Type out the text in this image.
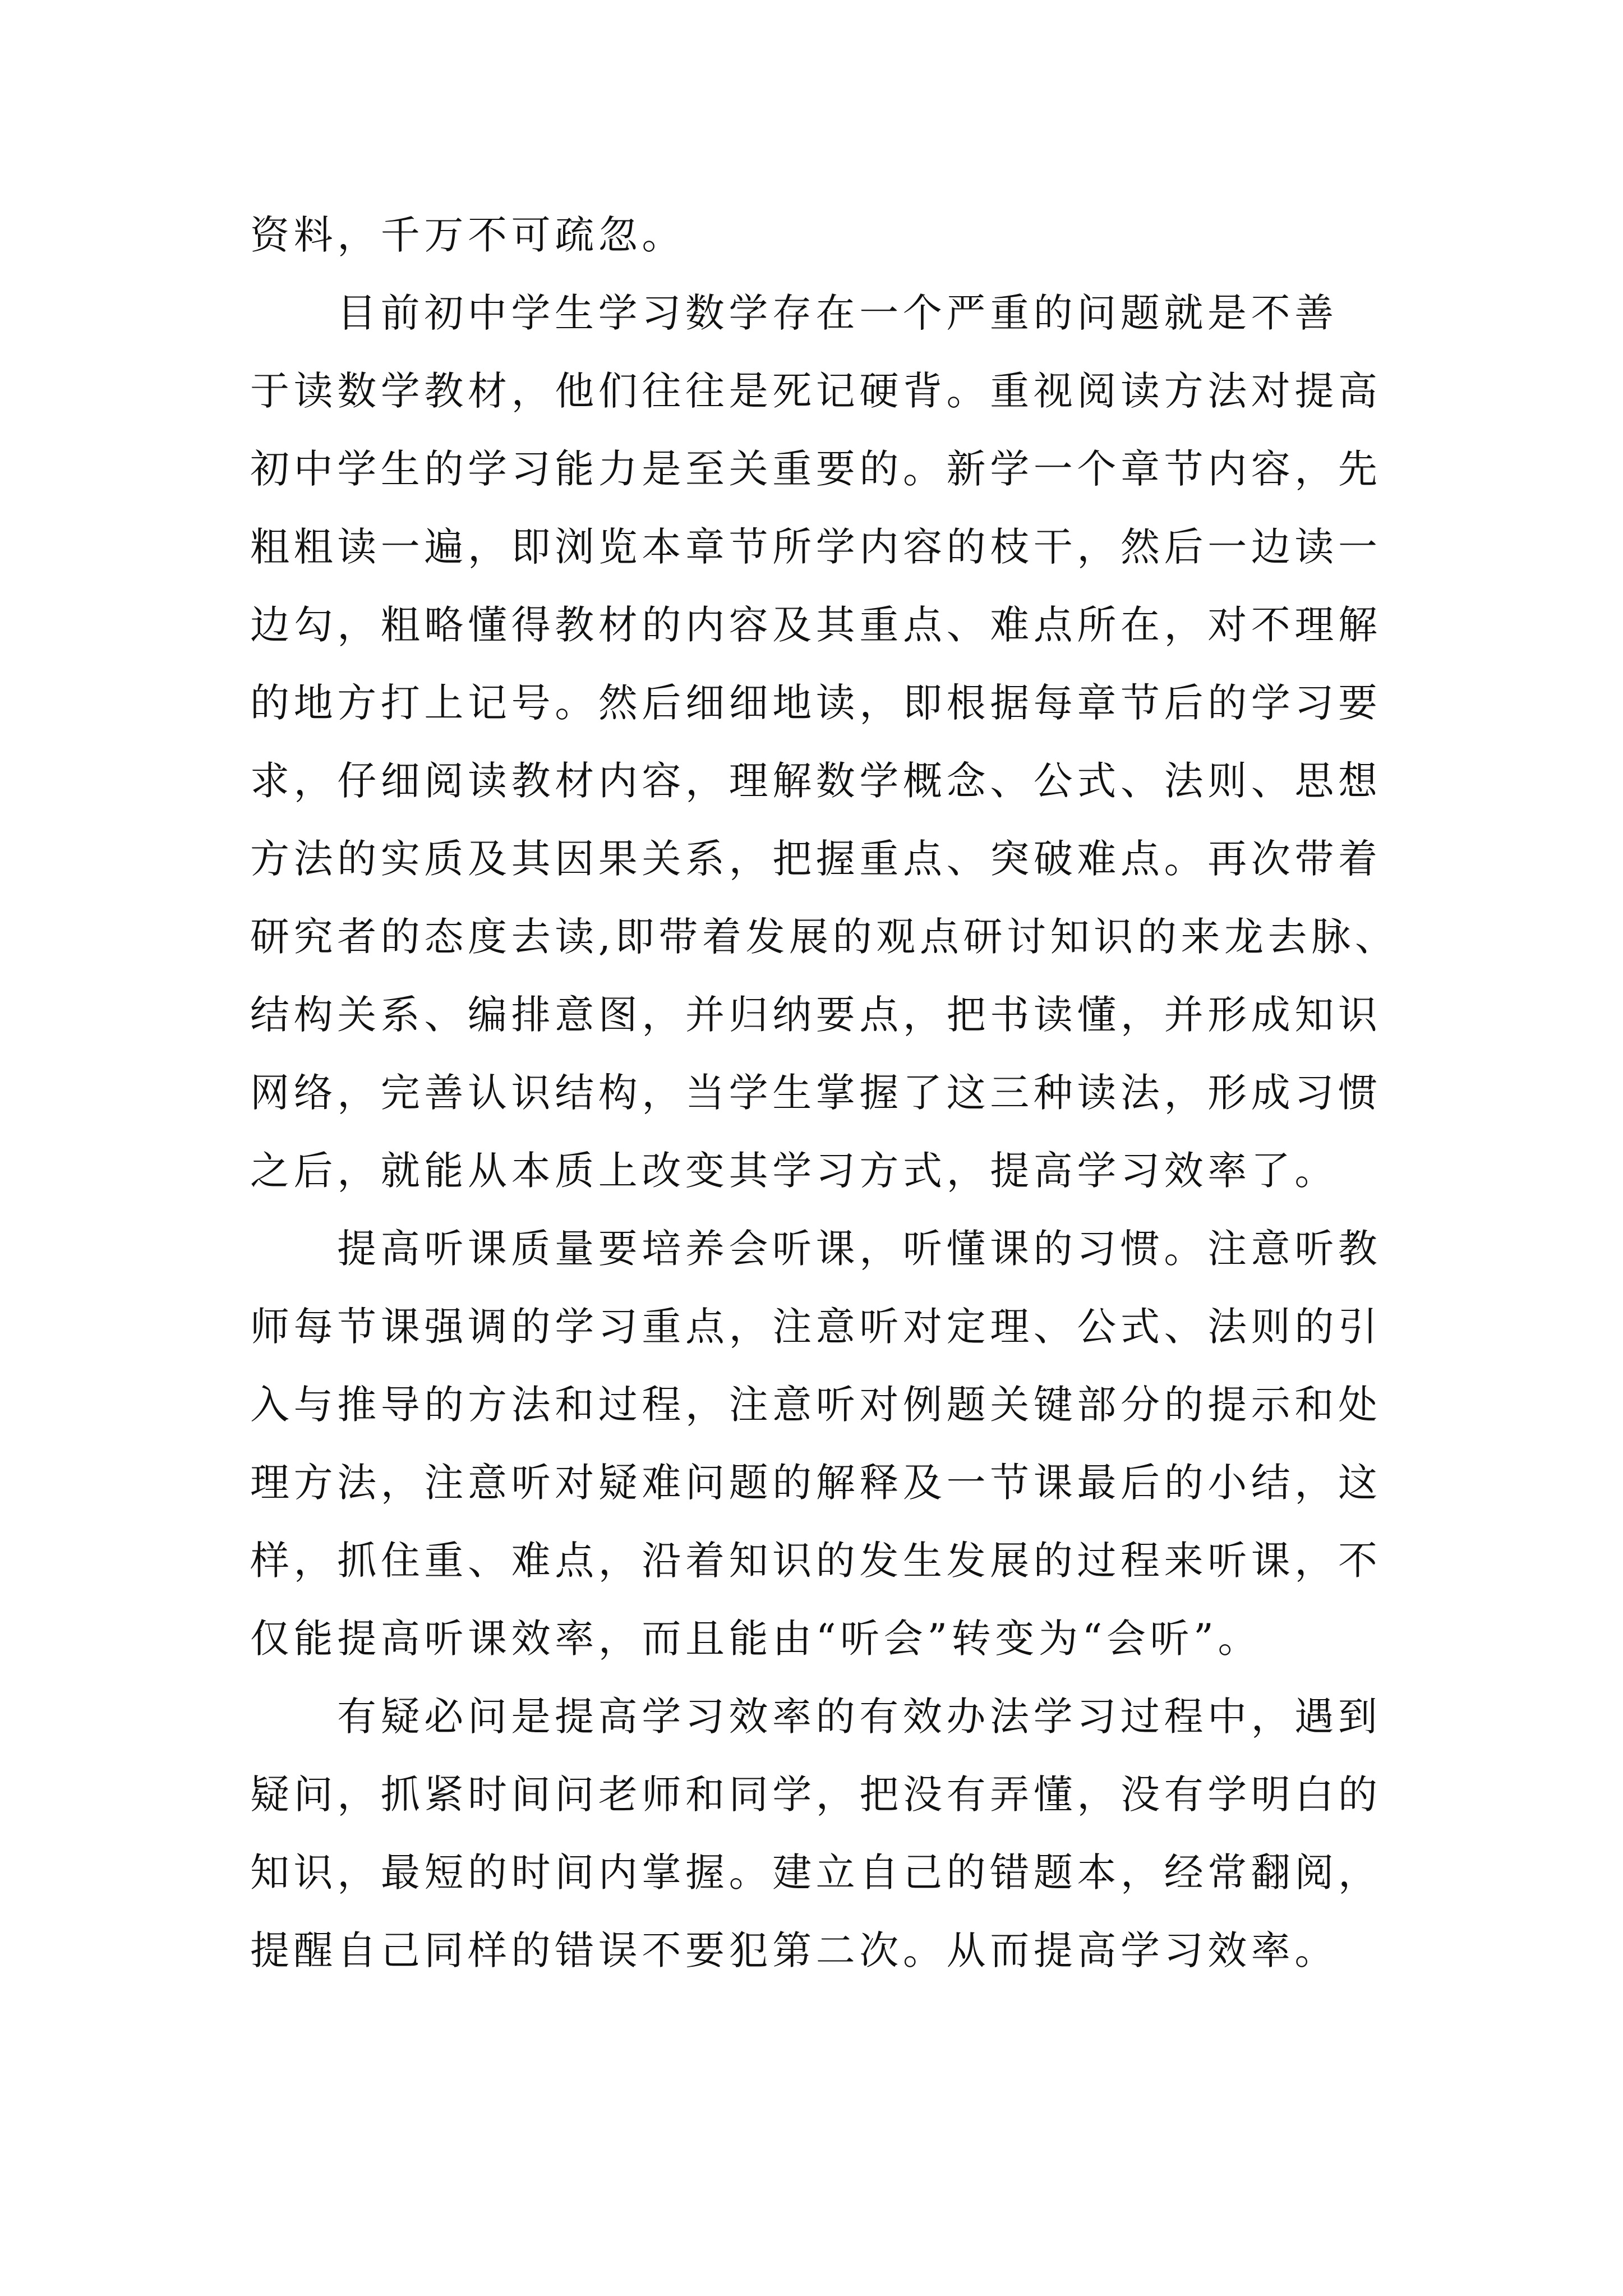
资料，千万不可疏忽。
目前初中学生学习数学存在一个严重的问题就是不善
于读数学教材，他们往往是死记硬背。重视阅读方法对提高
初中学生的学习能力是至关重要的。新学一个章节内容，先
粗粗读一遍，即浏览本章节所学内容的枝干，然后一边读一
边勾，粗略懂得教材的内容及其重点、难点所在，对不理解
的地方打上记号。然后细细地读，即根据每章节后的学习要
求，仔细阅读教材内容，理解数学概念、公式、法则、思想
方法的实质及其因果关系，把握重点、突破难点。再次带着
研究者的态度去读,即带着发展的观点研讨知识的来龙去脉、
结构关系、编排意图，并归纳要点，把书读懂，并形成知识
网络，完善认识结构，当学生掌握了这三种读法，形成习惯
之后，就能从本质上改变其学习方式，提高学习效率了。
提高听课质量要培养会听课，听懂课的习惯。注意听教
师每节课强调的学习重点，注意听对定理、公式、法则的引
入与推导的方法和过程，注意听对例题关键部分的提示和处
理方法，注意听对疑难问题的解释及一节课最后的小结，这
样，抓住重、难点，沿着知识的发生发展的过程来听课，不
仅能提高听课效率，而且能由“听会”转变为“会听”。
有疑必问是提高学习效率的有效办法学习过程中，遇到
疑问，抓紧时间问老师和同学，把没有弄懂，没有学明白的
知识，最短的时间内掌握。建立自己的错题本，经常翻阅，
提醒自己同样的错误不要犯第二次。从而提高学习效率。
